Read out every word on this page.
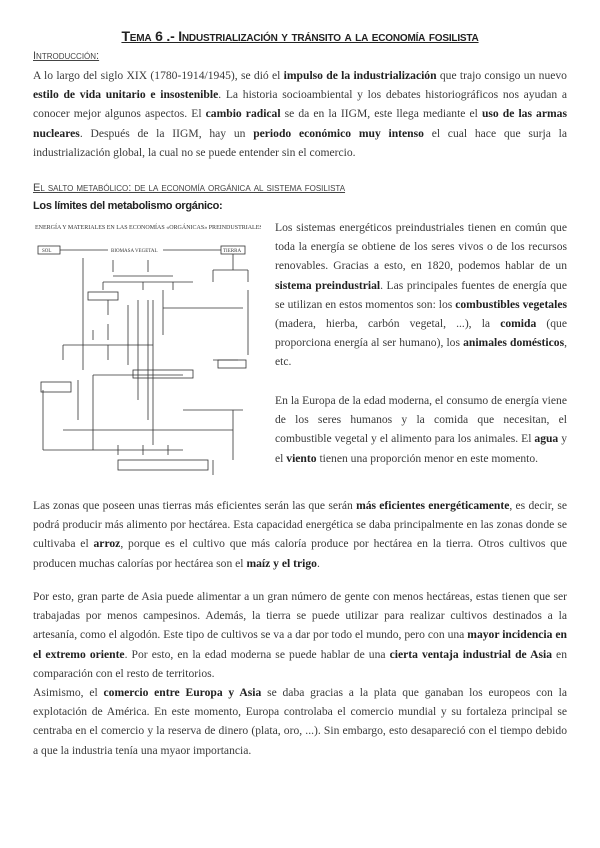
Tema 6 .- Industrialización y tránsito a la economía fosilista
Introducción:
A lo largo del siglo XIX (1780-1914/1945), se dió el impulso de la industrialización que trajo consigo un nuevo estilo de vida unitario e insostenible. La historia socioambiental y los debates historiográficos nos ayudan a conocer mejor algunos aspectos. El cambio radical se da en la IIGM, este llega mediante el uso de las armas nucleares. Después de la IIGM, hay un periodo económico muy intenso el cual hace que surja la industrialización global, la cual no se puede entender sin el comercio.
El salto metabólico: de la economía orgánica al sistema fosilista
Los límites del metabolismo orgánico:
ENERGÍA Y MATERIALES EN LAS ECONOMÍAS «ORGÁNICAS» PREINDUSTRIALES
SOL	BIOMASA VEGETAL	TIERRA
Los sistemas energéticos preindustriales tienen en común que toda la energía se obtiene de los seres vivos o de los recursos renovables. Gracias a esto, en 1820, podemos hablar de un sistema preindustrial. Las principales fuentes de energía que se utilizan en estos momentos son: los combustibles vegetales (madera, hierba, carbón vegetal, ...), la comida (que proporciona energía al ser humano), los animales domésticos, etc.
En la Europa de la edad moderna, el consumo de energía viene de los seres humanos y la comida que necesitan, el combustible vegetal y el alimento para los animales. El agua y el viento tienen una proporción menor en este momento.
Las zonas que poseen unas tierras más eficientes serán las que serán más eficientes energéticamente, es decir, se podrá producir más alimento por hectárea. Esta capacidad energética se daba principalmente en las zonas donde se cultivaba el arroz, porque es el cultivo que más caloría produce por hectárea en la tierra. Otros cultivos que producen muchas calorías por hectárea son el maíz y el trigo.
Por esto, gran parte de Asia puede alimentar a un gran número de gente con menos hectáreas, estas tienen que ser trabajadas por menos campesinos. Además, la tierra se puede utilizar para realizar cultivos destinados a la artesanía, como el algodón. Este tipo de cultivos se va a dar por todo el mundo, pero con una mayor incidencia en el extremo oriente. Por esto, en la edad moderna se puede hablar de una cierta ventaja industrial de Asia en comparación con el resto de territorios.
Asimismo, el comercio entre Europa y Asia se daba gracias a la plata que ganaban los europeos con la explotación de América. En este momento, Europa controlaba el comercio mundial y su fortaleza principal se centraba en el comercio y la reserva de dinero (plata, oro, ...). Sin embargo, esto desapareció con el tiempo debido a que la industria tenía una myaor importancia.
